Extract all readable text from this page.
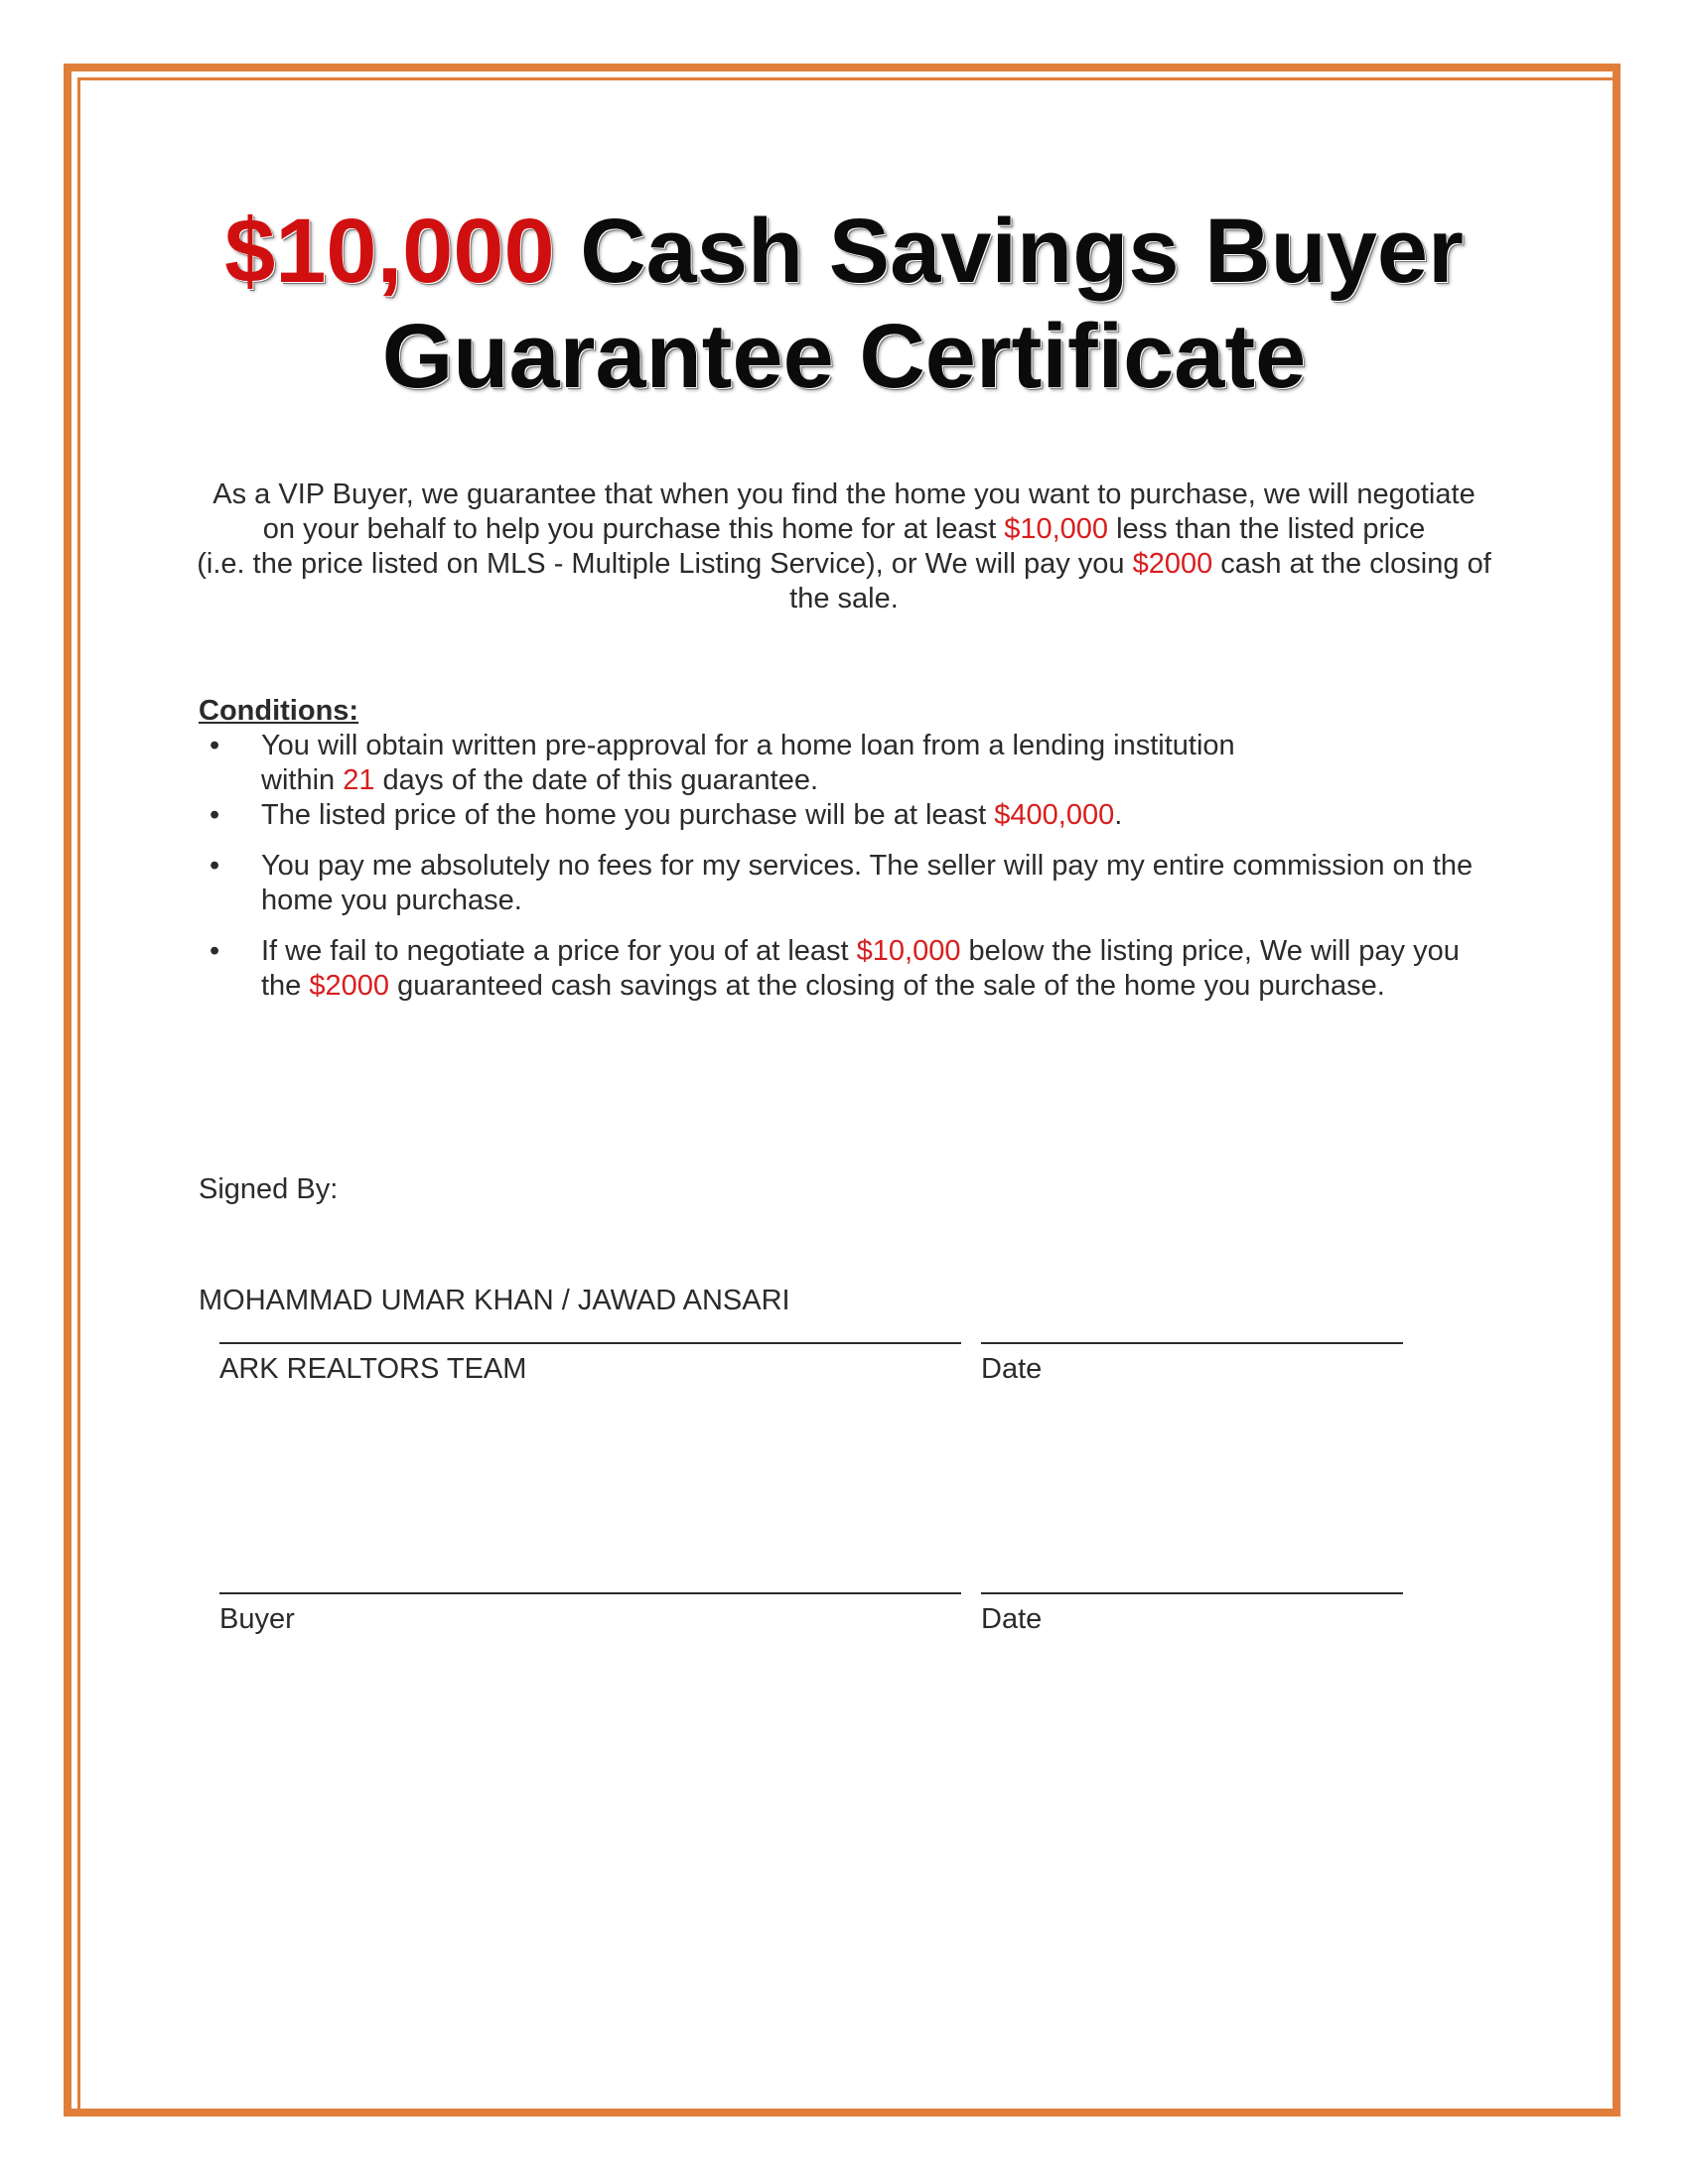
$10,000 Cash Savings Buyer
Guarantee Certificate
As a VIP Buyer, we guarantee that when you find the home you want to purchase, we will negotiate on your behalf to help you purchase this home for at least $10,000 less than the listed price
(i.e. the price listed on MLS - Multiple Listing Service), or We will pay you $2000 cash at the closing of the sale.
Conditions:
• You will obtain written pre-approval for a home loan from a lending institution
within 21 days of the date of this guarantee.
• The listed price of the home you purchase will be at least $400,000.
• You pay me absolutely no fees for my services. The seller will pay my entire commission on the home you purchase.
• If we fail to negotiate a price for you of at least $10,000 below the listing price, We will pay you the $2000 guaranteed cash savings at the closing of the sale of the home you purchase.
Signed By:
MOHAMMAD UMAR KHAN / JAWAD ANSARI
ARK REALTORS TEAM	Date
Buyer	Date
